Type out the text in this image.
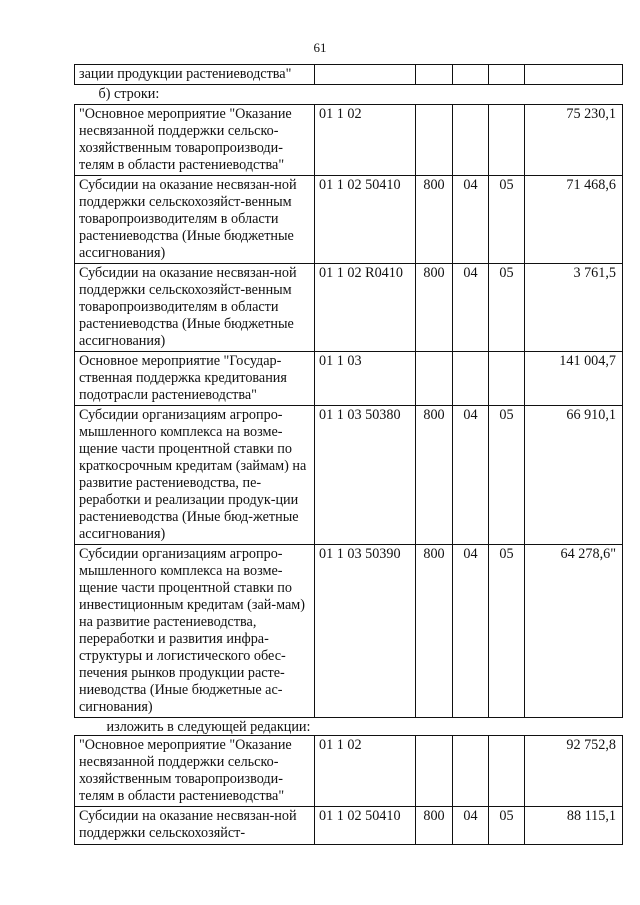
61
зации продукции растениеводства"					
б) строки:					
"Основное мероприятие "Оказание несвязанной поддержки сельско-хозяйственным товаропроизводи-телям в области растениеводства"	01 1 02				75 230,1
Субсидии на оказание несвязан-ной поддержки сельскохозяйст-венным товаропроизводителям в области растениеводства (Иные бюджетные ассигнования)	01 1 02 50410	800	04	05	71 468,6
Субсидии на оказание несвязан-ной поддержки сельскохозяйст-венным товаропроизводителям в области растениеводства (Иные бюджетные ассигнования)	01 1 02 R0410	800	04	05	3 761,5
Основное мероприятие "Государ-ственная поддержка кредитования подотрасли растениеводства"	01 1 03				141 004,7
Субсидии организациям агропро-мышленного комплекса на возме-щение части процентной ставки по краткосрочным кредитам (займам) на развитие растениеводства, пе-реработки и реализации продук-ции растениеводства (Иные бюд-жетные ассигнования)	01 1 03 50380	800	04	05	66 910,1
Субсидии организациям агропро-мышленного комплекса на возме-щение части процентной ставки по инвестиционным кредитам (зай-мам) на развитие растениеводства, переработки и развития инфра-структуры и логистического обес-печения рынков продукции расте-ниеводства (Иные бюджетные ас-сигнования)	01 1 03 50390	800	04	05	64 278,6"
изложить в следующей редакции:					
"Основное мероприятие "Оказание несвязанной поддержки сельско-хозяйственным товаропроизводи-телям в области растениеводства"	01 1 02				92 752,8
Субсидии на оказание несвязан-ной поддержки сельскохозяйст-	01 1 02 50410	800	04	05	88 115,1
